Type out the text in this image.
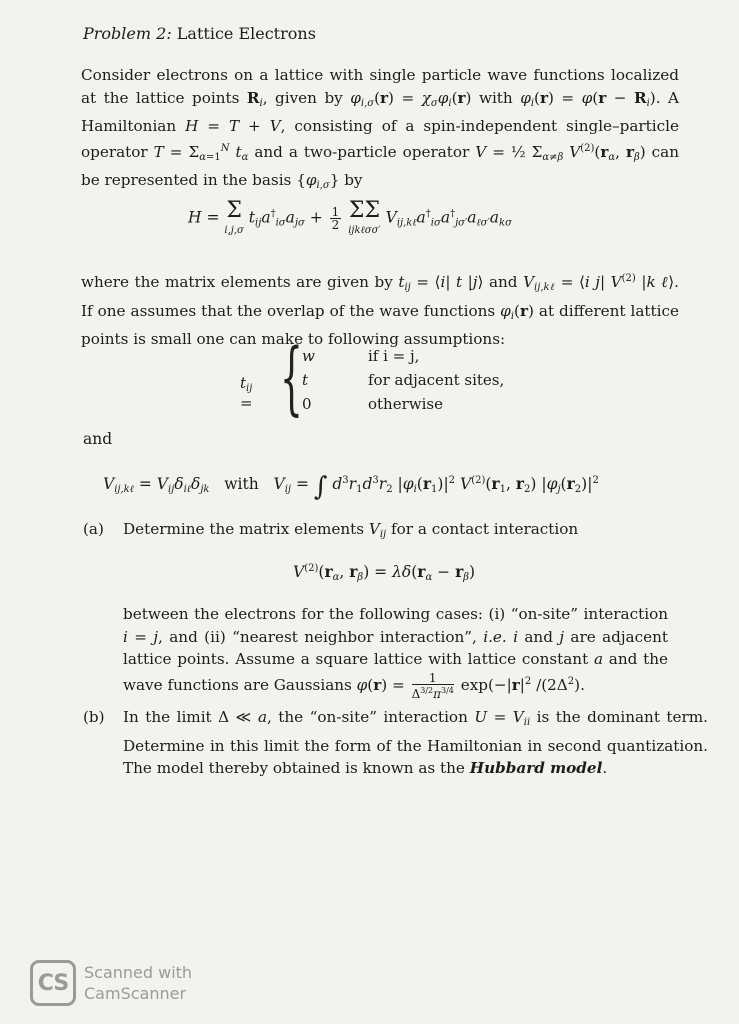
Problem 2: Lattice Electrons
Consider electrons on a lattice with single particle wave functions localized at the lattice points $R_i$, given by $\varphi_{i,\sigma}(r) = \chi_\sigma\varphi_i(r)$ with $\varphi_i(r) = \varphi(r - R_i)$. A Hamiltonian H = T + V, consisting of a spin-independent single–particle operator $T = \Sigma_{\alpha=1}^N$ $t_\alpha$ and a two-particle operator V = ½ $\Sigma_{\alpha\ne\beta}$ $V^{(2)}(r_\alpha$, $r_\beta$) can be represented in the basis $\{\varphi_{i,\sigma}\}$ by
H = Σ
i,j,σ $t_{ij}a^\dagger_{i\sigma}a_{j\sigma} + \frac{1}{2}$
ΣΣ
ijkℓσσ′ $V_{ij,k\ell}a^\dagger_{i\sigma}a^\dagger_{j\sigma'}a_{\ell\sigma'}a_{k\sigma}$
where the matrix elements are given by $t_{ij}$ = ⟨i| t |j⟩ and $V_{ij,k\ell}$ = ⟨i j| $V^{(2)}$ |k ℓ⟩. If one assumes that the overlap of the wave functions $\varphi_i(r)$ at different lattice points is small one can make to following assumptions:
$t_{ij}$ = { w
t
0
if i = j,
for adjacent sites,
otherwise
and
$V_{ij,k\ell} = V_{ij}\delta_{i\ell}\delta_{jk}$ with $V_{ij}$ = ∫ $d^3r_1d^3r_2$ $|\varphi_i(r_1)|^2$ $V^{(2)}(r_1$, $r_2$) $|\varphi_j(r_2)|^2$
(a) Determine the matrix elements $V_{ij}$ for a contact interaction
$V^{(2)}(r_\alpha$, $r_\beta) = \lambda\delta(r_\alpha - r_\beta)$
between the electrons for the following cases: (i) “on-site” interaction i = j, and (ii) “nearest neighbor interaction”, i.e. i and j are adjacent lattice points. Assume a square lattice with lattice constant a and the wave functions are Gaussians $\varphi(r) = \frac{1}{\Delta^{3/2}\pi^{3/4}} \exp(-|r|^2$ $/(2\Delta^2)$.
(b) In the limit Δ ≪ a, the “on-site” interaction $U = V_{ii}$ is the dominant term. Determine in this limit the form of the Hamiltonian in second quantization. The model thereby obtained is known as the Hubbard model.
CS Scanned with
CamScanner
